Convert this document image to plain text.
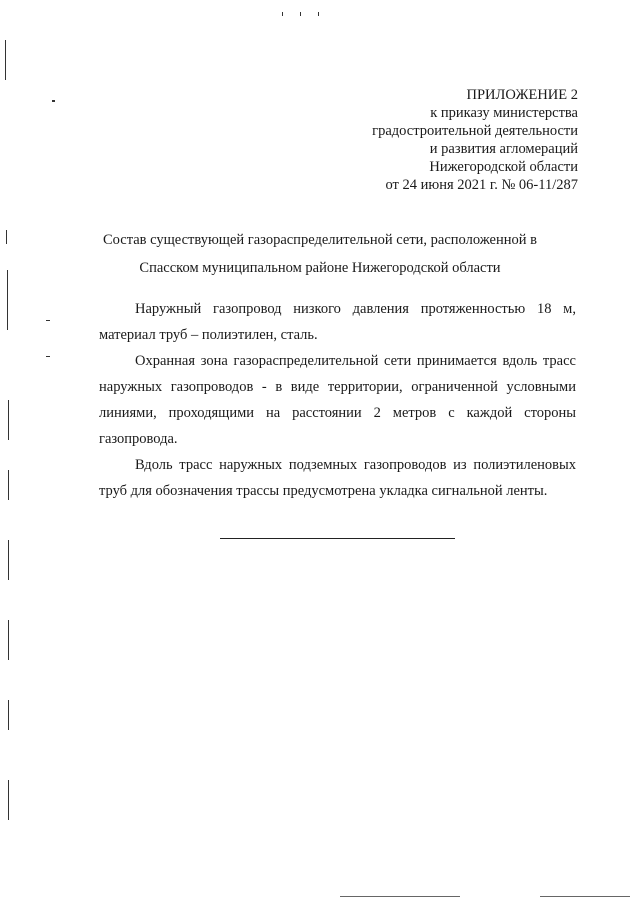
ПРИЛОЖЕНИЕ 2
к приказу министерства
градостроительной деятельности
и развития агломераций
Нижегородской области
от 24 июня 2021 г. № 06-11/287
Состав существующей газораспределительной сети, расположенной в
Спасском муниципальном районе Нижегородской области

Наружный газопровод низкого давления протяженностью 18 м, материал труб – полиэтилен, сталь.

Охранная зона газораспределительной сети принимается вдоль трасс наружных газопроводов - в виде территории, ограниченной условными линиями, проходящими на расстоянии 2 метров с каждой стороны газопровода.

Вдоль трасс наружных подземных газопроводов из полиэтиленовых труб для обозначения трассы предусмотрена укладка сигнальной ленты.
